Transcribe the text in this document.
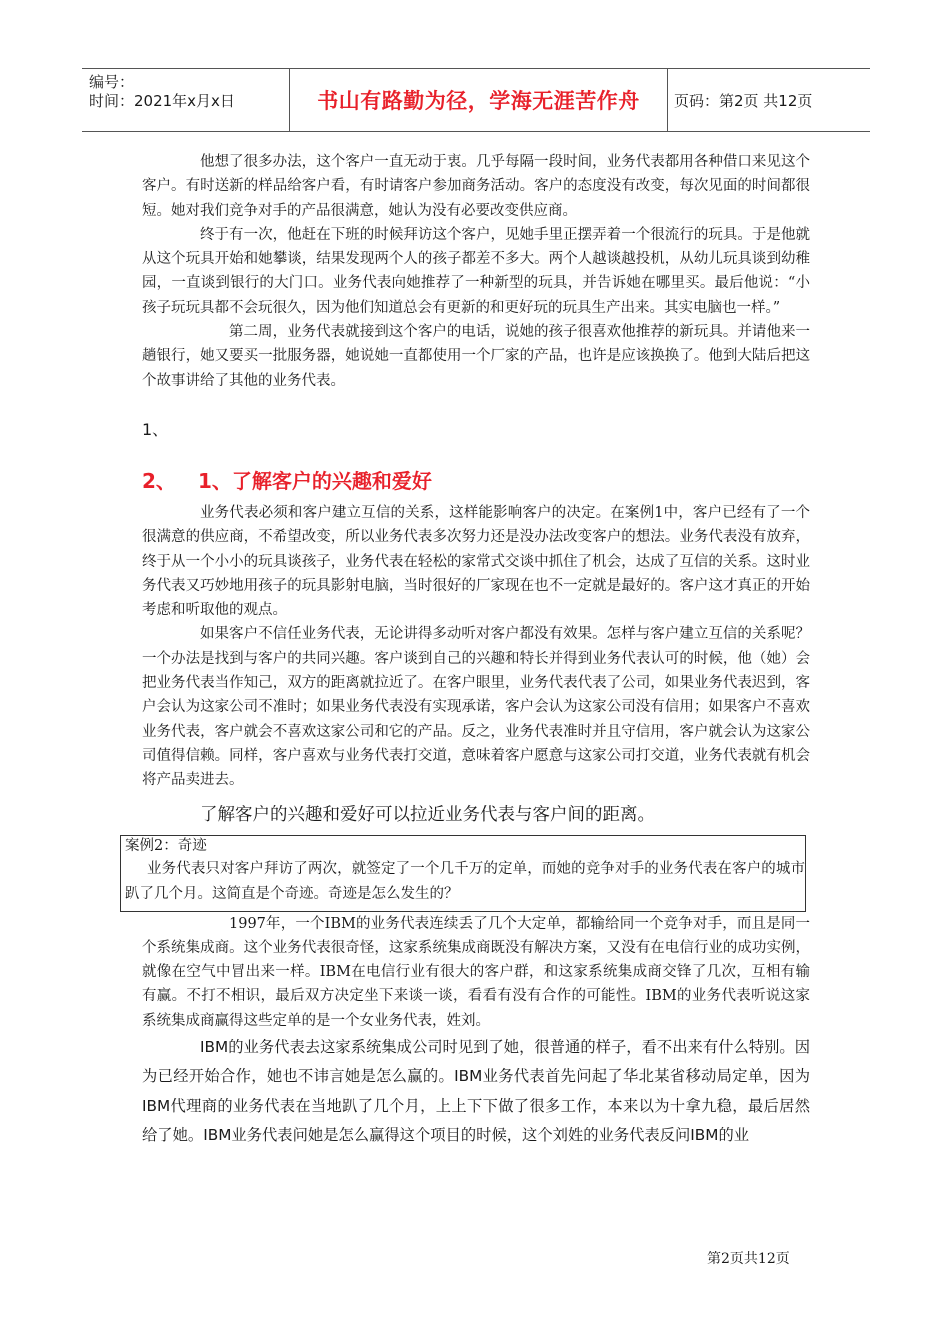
编号：
时间：2021年x月x日	书山有路勤为径，学海无涯苦作舟	页码：第2页 共12页

他想了很多办法，这个客户一直无动于衷。几乎每隔一段时间，业务代表都用各种借口来见这个客户。有时送新的样品给客户看，有时请客户参加商务活动。客户的态度没有改变，每次见面的时间都很短。她对我们竞争对手的产品很满意，她认为没有必要改变供应商。

终于有一次，他赶在下班的时候拜访这个客户，见她手里正摆弄着一个很流行的玩具。于是他就从这个玩具开始和她攀谈，结果发现两个人的孩子都差不多大。两个人越谈越投机，从幼儿玩具谈到幼稚园，一直谈到银行的大门口。业务代表向她推荐了一种新型的玩具，并告诉她在哪里买。最后他说：“小孩子玩玩具都不会玩很久，因为他们知道总会有更新的和更好玩的玩具生产出来。其实电脑也一样。”

第二周，业务代表就接到这个客户的电话，说她的孩子很喜欢他推荐的新玩具。并请他来一趟银行，她又要买一批服务器，她说她一直都使用一个厂家的产品，也许是应该换换了。他到大陆后把这个故事讲给了其他的业务代表。

1、
2、 1、了解客户的兴趣和爱好

业务代表必须和客户建立互信的关系，这样能影响客户的决定。在案例1中，客户已经有了一个很满意的供应商，不希望改变，所以业务代表多次努力还是没办法改变客户的想法。业务代表没有放弃，终于从一个小小的玩具谈孩子，业务代表在轻松的家常式交谈中抓住了机会，达成了互信的关系。这时业务代表又巧妙地用孩子的玩具影射电脑，当时很好的厂家现在也不一定就是最好的。客户这才真正的开始考虑和听取他的观点。

如果客户不信任业务代表，无论讲得多动听对客户都没有效果。怎样与客户建立互信的关系呢？一个办法是找到与客户的共同兴趣。客户谈到自己的兴趣和特长并得到业务代表认可的时候，他（她）会把业务代表当作知己，双方的距离就拉近了。在客户眼里，业务代表代表了公司，如果业务代表迟到，客户会认为这家公司不准时；如果业务代表没有实现承诺，客户会认为这家公司没有信用；如果客户不喜欢业务代表，客户就会不喜欢这家公司和它的产品。反之，业务代表准时并且守信用，客户就会认为这家公司值得信赖。同样，客户喜欢与业务代表打交道，意味着客户愿意与这家公司打交道，业务代表就有机会将产品卖进去。

了解客户的兴趣和爱好可以拉近业务代表与客户间的距离。
案例2：奇迹
业务代表只对客户拜访了两次，就签定了一个几千万的定单，而她的竞争对手的业务代表在客户的城市趴了几个月。这简直是个奇迹。奇迹是怎么发生的？

1997年，一个IBM的业务代表连续丢了几个大定单，都输给同一个竞争对手，而且是同一个系统集成商。这个业务代表很奇怪，这家系统集成商既没有解决方案，又没有在电信行业的成功实例，就像在空气中冒出来一样。IBM在电信行业有很大的客户群，和这家系统集成商交锋了几次，互相有输有赢。不打不相识，最后双方决定坐下来谈一谈，看看有没有合作的可能性。IBM的业务代表听说这家系统集成商赢得这些定单的是一个女业务代表，姓刘。

IBM的业务代表去这家系统集成公司时见到了她，很普通的样子，看不出来有什么特别。因为已经开始合作，她也不讳言她是怎么赢的。IBM业务代表首先问起了华北某省移动局定单，因为IBM代理商的业务代表在当地趴了几个月，上上下下做了很多工作，本来以为十拿九稳，最后居然给了她。IBM业务代表问她是怎么赢得这个项目的时候，这个刘姓的业务代表反问IBM的业

第2页共12页
